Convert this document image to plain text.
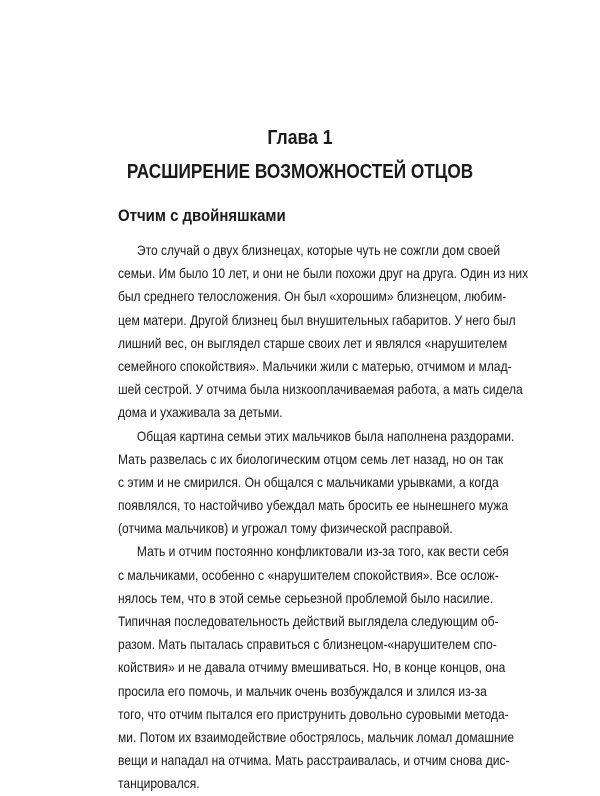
Глава 1
РАСШИРЕНИЕ ВОЗМОЖНОСТЕЙ ОТЦОВ
Отчим с двойняшками
Это случай о двух близнецах, которые чуть не сожгли дом своей
семьи. Им было 10 лет, и они не были похожи друг на друга. Один из них
был среднего телосложения. Он был «хорошим» близнецом, любим-
цем матери. Другой близнец был внушительных габаритов. У него был
лишний вес, он выглядел старше своих лет и являлся «нарушителем
семейного спокойствия». Мальчики жили с матерью, отчимом и млад-
шей сестрой. У отчима была низкооплачиваемая работа, а мать сидела
дома и ухаживала за детьми.
Общая картина семьи этих мальчиков была наполнена раздорами.
Мать развелась с их биологическим отцом семь лет назад, но он так
с этим и не смирился. Он общался с мальчиками урывками, а когда
появлялся, то настойчиво убеждал мать бросить ее нынешнего мужа
(отчима мальчиков) и угрожал тому физической расправой.
Мать и отчим постоянно конфликтовали из-за того, как вести себя
с мальчиками, особенно с «нарушителем спокойствия». Все ослож-
нялось тем, что в этой семье серьезной проблемой было насилие.
Типичная последовательность действий выглядела следующим об-
разом. Мать пыталась справиться с близнецом-«нарушителем спо-
койствия» и не давала отчиму вмешиваться. Но, в конце концов, она
просила его помочь, и мальчик очень возбуждался и злился из-за
того, что отчим пытался его приструнить довольно суровыми метода-
ми. Потом их взаимодействие обострялось, мальчик ломал домашние
вещи и нападал на отчима. Мать расстраивалась, и отчим снова дис-
танцировался.
